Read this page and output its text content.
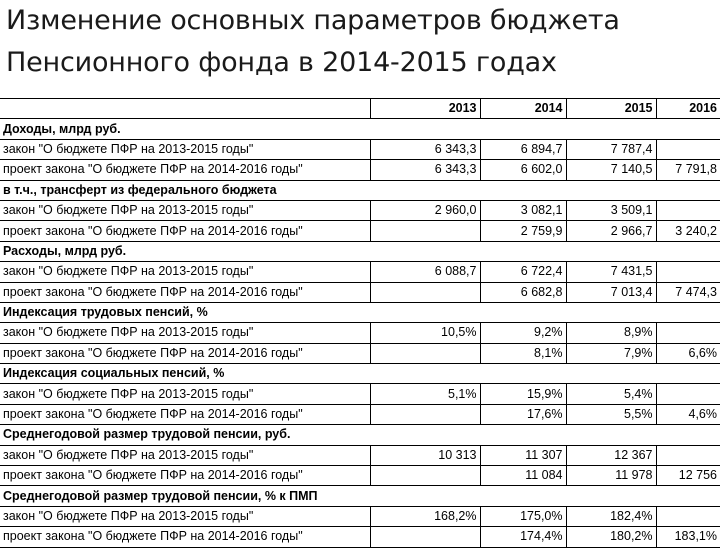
Изменение основных параметров бюджета
Пенсионного фонда в 2014-2015 годах
	2013	2014	2015	2016
Доходы, млрд руб.				
закон "О бюджете ПФР на 2013-2015 годы"	6 343,3	6 894,7	7 787,4	
проект закона "О бюджете ПФР на 2014-2016 годы"	6 343,3	6 602,0	7 140,5	7 791,8
в т.ч., трансферт из федерального бюджета				
закон "О бюджете ПФР на 2013-2015 годы"	2 960,0	3 082,1	3 509,1	
проект закона "О бюджете ПФР на 2014-2016 годы"		2 759,9	2 966,7	3 240,2
Расходы, млрд руб.				
закон "О бюджете ПФР на 2013-2015 годы"	6 088,7	6 722,4	7 431,5	
проект закона "О бюджете ПФР на 2014-2016 годы"		6 682,8	7 013,4	7 474,3
Индексация трудовых пенсий, %				
закон "О бюджете ПФР на 2013-2015 годы"	10,5%	9,2%	8,9%	
проект закона "О бюджете ПФР на 2014-2016 годы"		8,1%	7,9%	6,6%
Индексация социальных пенсий, %				
закон "О бюджете ПФР на 2013-2015 годы"	5,1%	15,9%	5,4%	
проект закона "О бюджете ПФР на 2014-2016 годы"		17,6%	5,5%	4,6%
Среднегодовой размер трудовой пенсии, руб.				
закон "О бюджете ПФР на 2013-2015 годы"	10 313	11 307	12 367	
проект закона "О бюджете ПФР на 2014-2016 годы"		11 084	11 978	12 756
Среднегодовой размер трудовой пенсии, % к ПМП				
закон "О бюджете ПФР на 2013-2015 годы"	168,2%	175,0%	182,4%	
проект закона "О бюджете ПФР на 2014-2016 годы"		174,4%	180,2%	183,1%
